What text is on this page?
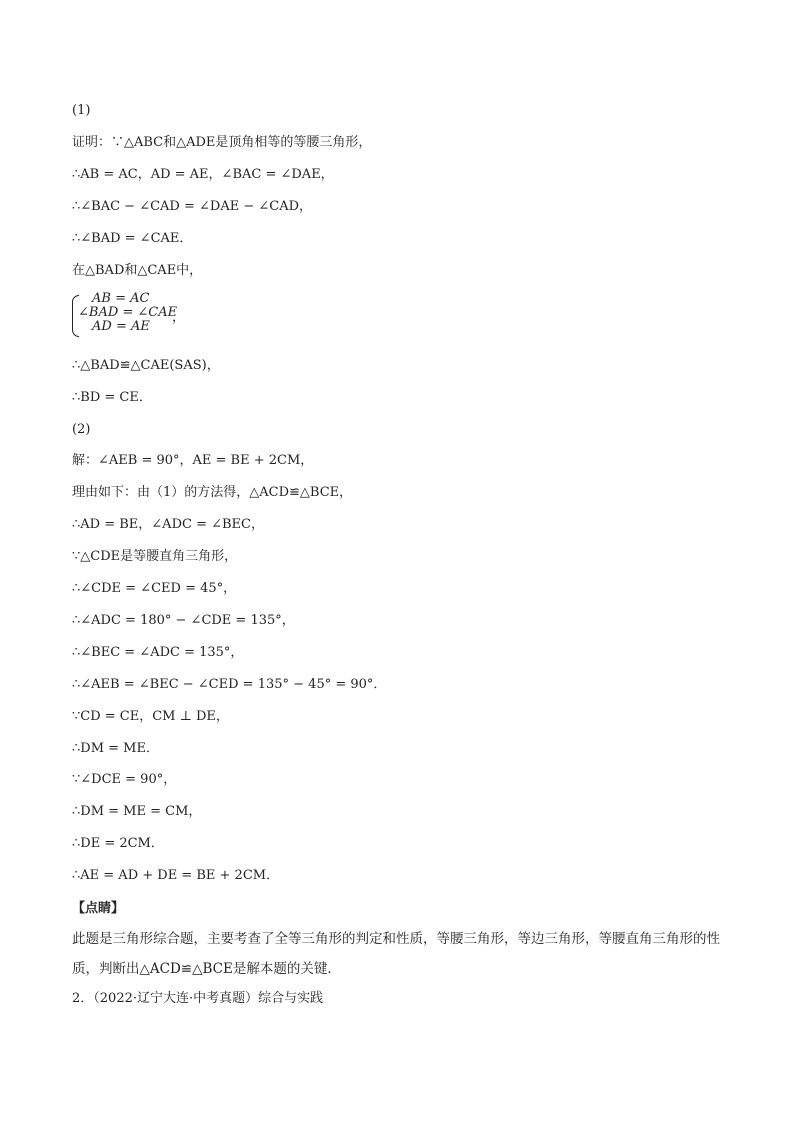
(1)
证明：∵△ABC和△ADE是顶角相等的等腰三角形，
∴AB = AC，AD = AE，∠BAC = ∠DAE，
∴∠BAC − ∠CAD = ∠DAE − ∠CAD，
∴∠BAD = ∠CAE．
在△BAD和△CAE中，
AB = AC
∠BAD = ∠CAE
AD = AE
，
∴△BAD≌△CAE(SAS)，
∴BD = CE．
(2)
解：∠AEB = 90°，AE = BE + 2CM，
理由如下：由（1）的方法得，△ACD≌△BCE，
∴AD = BE，∠ADC = ∠BEC，
∵△CDE是等腰直角三角形，
∴∠CDE = ∠CED = 45°，
∴∠ADC = 180° − ∠CDE = 135°，
∴∠BEC = ∠ADC = 135°，
∴∠AEB = ∠BEC − ∠CED = 135° − 45° = 90°．
∵CD = CE，CM ⊥ DE，
∴DM = ME．
∵∠DCE = 90°，
∴DM = ME = CM，
∴DE = 2CM．
∴AE = AD + DE = BE + 2CM．
【点睛】
此题是三角形综合题，主要考查了全等三角形的判定和性质，等腰三角形，等边三角形，等腰直角三角形的性质，判断出△ACD≌△BCE是解本题的关键．
2．（2022·辽宁大连·中考真题）综合与实践
